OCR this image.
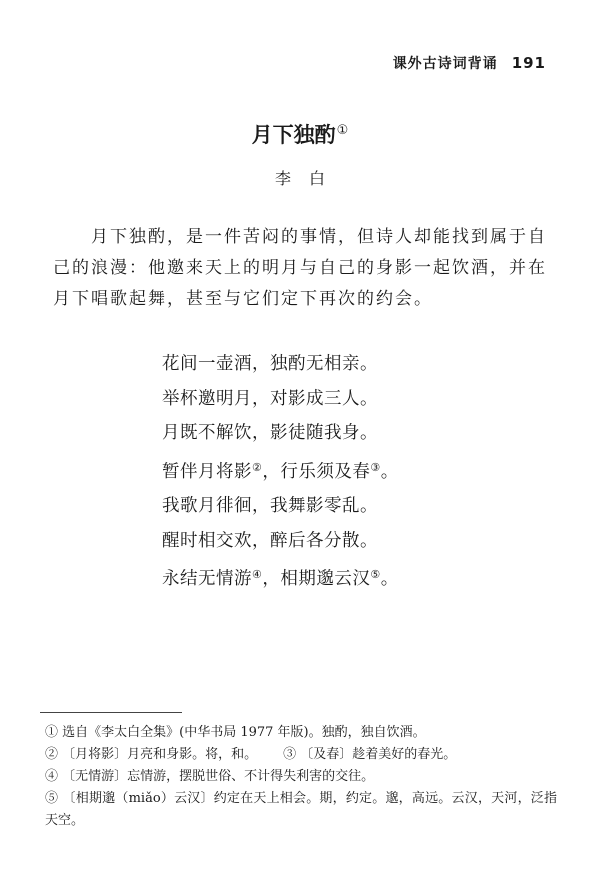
课外古诗词背诵 191
月下独酌①
李白

月下独酌，是一件苦闷的事情，但诗人却能找到属于自己的浪漫：他邀来天上的明月与自己的身影一起饮酒，并在月下唱歌起舞，甚至与它们定下再次的约会。

花间一壶酒，独酌无相亲。
举杯邀明月，对影成三人。
月既不解饮，影徒随我身。
暂伴月将影②，行乐须及春③。
我歌月徘徊，我舞影零乱。
醒时相交欢，醉后各分散。
永结无情游④，相期邈云汉⑤。

① 选自《李太白全集》(中华书局 1977 年版)。独酌，独自饮酒。

② 〔月将影〕月亮和身影。将，和。 ③ 〔及春〕趁着美好的春光。

④ 〔无情游〕忘情游，摆脱世俗、不计得失利害的交往。

⑤ 〔相期邈（miǎo）云汉〕约定在天上相会。期，约定。邈，高远。云汉，天河，泛指天空。
